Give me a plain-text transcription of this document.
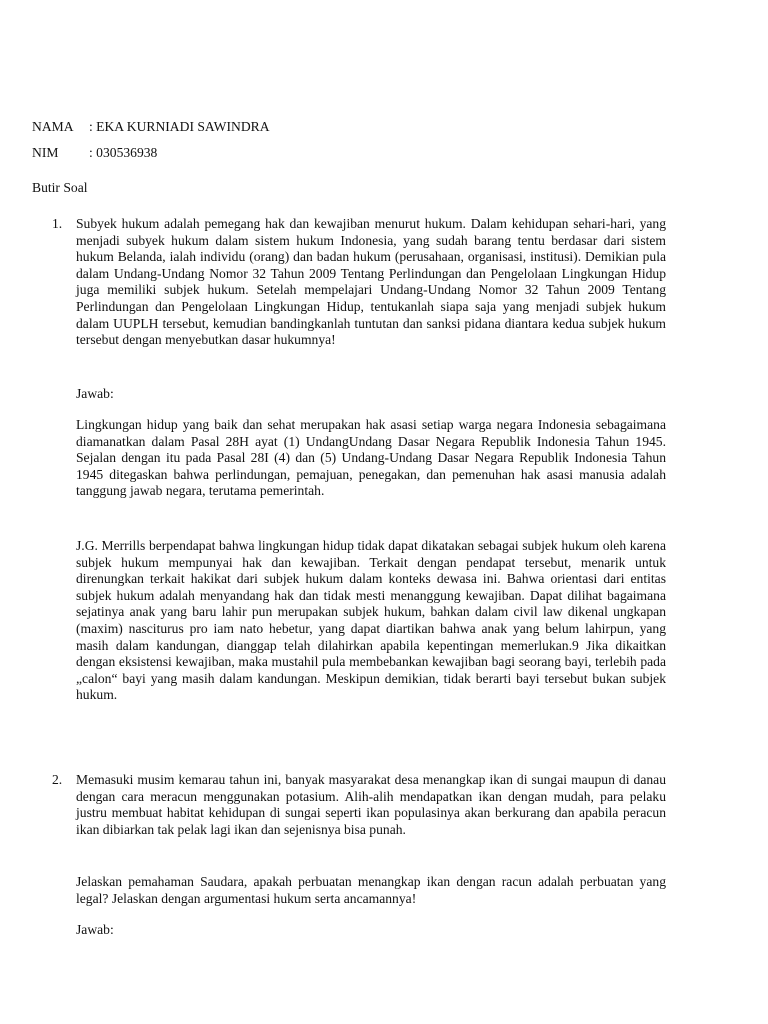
NAMA : EKA KURNIADI SAWINDRA
NIM : 030536938
Butir Soal
1. Subyek hukum adalah pemegang hak dan kewajiban menurut hukum. Dalam kehidupan sehari-hari, yang menjadi subyek hukum dalam sistem hukum Indonesia, yang sudah barang tentu berdasar dari sistem hukum Belanda, ialah individu (orang) dan badan hukum (perusahaan, organisasi, institusi). Demikian pula dalam Undang-Undang Nomor 32 Tahun 2009 Tentang Perlindungan dan Pengelolaan Lingkungan Hidup juga memiliki subjek hukum. Setelah mempelajari Undang-Undang Nomor 32 Tahun 2009 Tentang Perlindungan dan Pengelolaan Lingkungan Hidup, tentukanlah siapa saja yang menjadi subjek hukum dalam UUPLH tersebut, kemudian bandingkanlah tuntutan dan sanksi pidana diantara kedua subjek hukum tersebut dengan menyebutkan dasar hukumnya!
Jawab:
Lingkungan hidup yang baik dan sehat merupakan hak asasi setiap warga negara Indonesia sebagaimana diamanatkan dalam Pasal 28H ayat (1) UndangUndang Dasar Negara Republik Indonesia Tahun 1945. Sejalan dengan itu pada Pasal 28I (4) dan (5) Undang-Undang Dasar Negara Republik Indonesia Tahun 1945 ditegaskan bahwa perlindungan, pemajuan, penegakan, dan pemenuhan hak asasi manusia adalah tanggung jawab negara, terutama pemerintah.
J.G. Merrills berpendapat bahwa lingkungan hidup tidak dapat dikatakan sebagai subjek hukum oleh karena subjek hukum mempunyai hak dan kewajiban. Terkait dengan pendapat tersebut, menarik untuk direnungkan terkait hakikat dari subjek hukum dalam konteks dewasa ini. Bahwa orientasi dari entitas subjek hukum adalah menyandang hak dan tidak mesti menanggung kewajiban. Dapat dilihat bagaimana sejatinya anak yang baru lahir pun merupakan subjek hukum, bahkan dalam civil law dikenal ungkapan (maxim) nasciturus pro iam nato hebetur, yang dapat diartikan bahwa anak yang belum lahirpun, yang masih dalam kandungan, dianggap telah dilahirkan apabila kepentingan memerlukan.9 Jika dikaitkan dengan eksistensi kewajiban, maka mustahil pula membebankan kewajiban bagi seorang bayi, terlebih pada „calon“ bayi yang masih dalam kandungan. Meskipun demikian, tidak berarti bayi tersebut bukan subjek hukum.
2. Memasuki musim kemarau tahun ini, banyak masyarakat desa menangkap ikan di sungai maupun di danau dengan cara meracun menggunakan potasium. Alih-alih mendapatkan ikan dengan mudah, para pelaku justru membuat habitat kehidupan di sungai seperti ikan populasinya akan berkurang dan apabila peracun ikan dibiarkan tak pelak lagi ikan dan sejenisnya bisa punah.
Jelaskan pemahaman Saudara, apakah perbuatan menangkap ikan dengan racun adalah perbuatan yang legal? Jelaskan dengan argumentasi hukum serta ancamannya!
Jawab:
